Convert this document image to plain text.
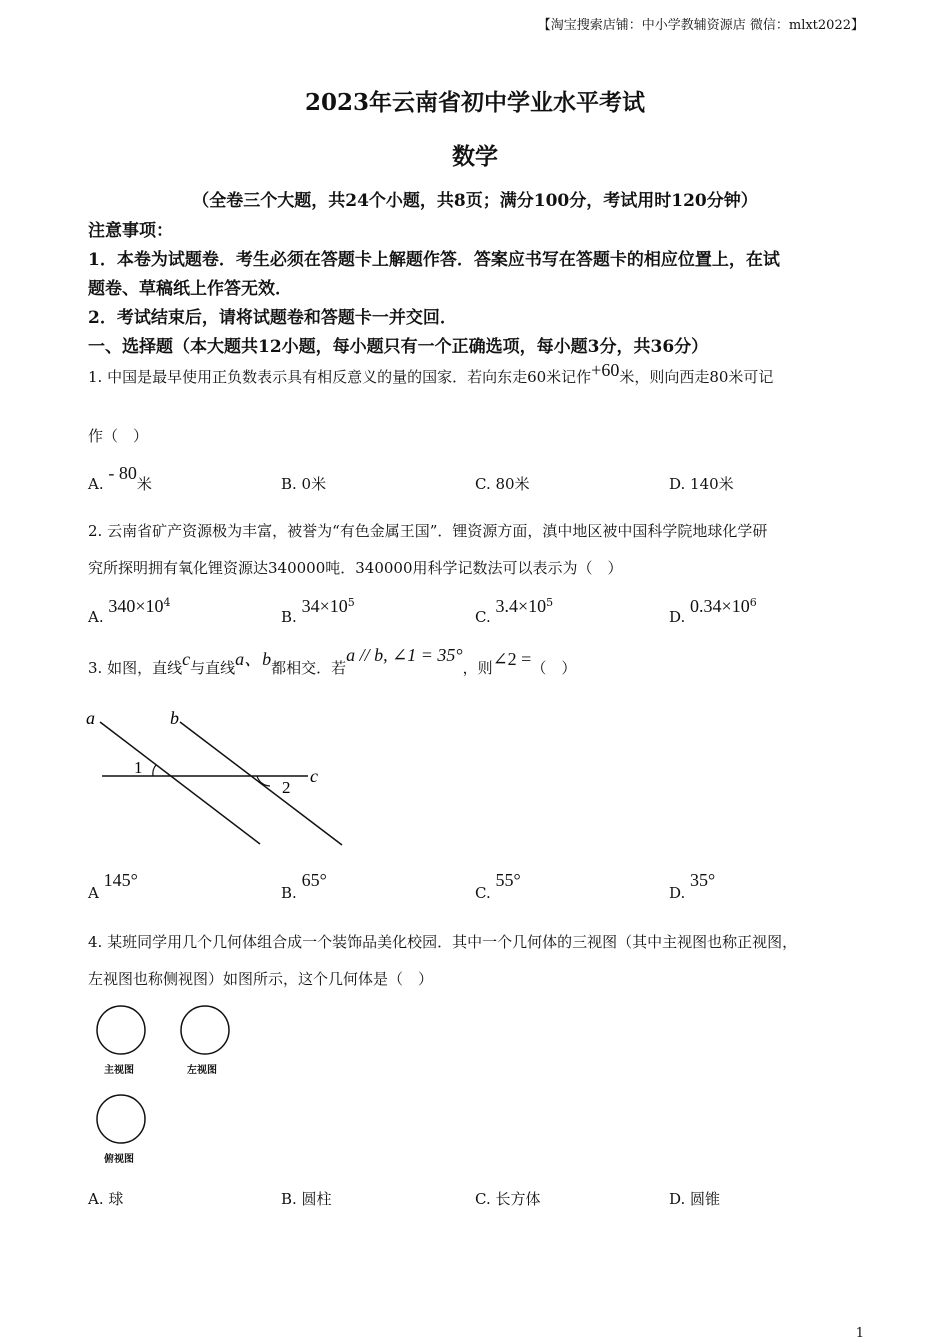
【淘宝搜索店铺：中小学教辅资源店 微信：mlxt2022】
2023年云南省初中学业水平考试
数学
（全卷三个大题，共24个小题，共8页；满分100分，考试用时120分钟）
注意事项：
1．本卷为试题卷．考生必须在答题卡上解题作答．答案应书写在答题卡的相应位置上，在试
题卷、草稿纸上作答无效．
2．考试结束后，请将试题卷和答题卡一并交回．
一、选择题（本大题共12小题，每小题只有一个正确选项，每小题3分，共36分）
1. 中国是最早使用正负数表示具有相反意义的量的国家．若向东走60米记作+60米，则向西走80米可记
作（　）
A. - 80米	B. 0米	C. 80米	D. 140米
2. 云南省矿产资源极为丰富，被誉为“有色金属王国”．锂资源方面，滇中地区被中国科学院地球化学研
究所探明拥有氧化锂资源达340000吨．340000用科学记数法可以表示为（　）
A. $340\times 10^4$
B. $34\times 10^5$
C. $3.4\times 10^5$
D. $0.34\times 10^6$
3. 如图，直线c与直线a、b都相交．若a // b, ∠1 = 35°，则∠2 =（　）
a	b
c
1
2
A 145°
B. 65°
C. 55°
D. 35°
4. 某班同学用几个几何体组合成一个装饰品美化校园．其中一个几何体的三视图（其中主视图也称正视图，
左视图也称侧视图）如图所示，这个几何体是（　）
主视图	左视图
俯视图
A. 球	B. 圆柱	C. 长方体	D. 圆锥
1
